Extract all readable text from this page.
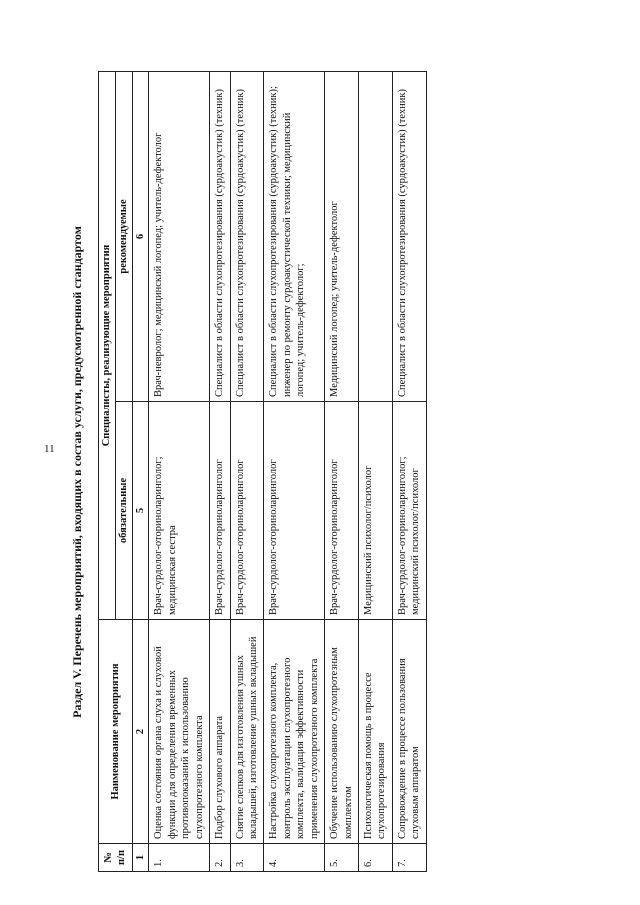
11 Раздел V. Перечень мероприятий, входящих в состав услуги, предусмотренной стандартом
№ п/п	Наименование мероприятия	Специалисты, реализующие мероприятия	
		обязательные	рекомендуемые
1	2	5	6
1.	Оценка состояния органа слуха и слуховой функции для определения временных противопоказаний к использованию слухопротезного комплекта	Врач-сурдолог-оториноларинголог; медицинская сестра	Врач-невролог; медицинский логопед; учитель-дефектолог
2.	Подбор слухового аппарата	Врач-сурдолог-оториноларинголог	Специалист в области слухопротезирования (сурдоакустик) (техник)
3.	Снятие слепков для изготовления ушных вкладышей, изготовление ушных вкладышей	Врач-сурдолог-оториноларинголог	Специалист в области слухопротезирования (сурдоакустик) (техник)
4.	Настройка слухопротезного комплекта, контроль эксплуатации слухопротезного комплекта, валидация эффективности применения слухопротезного комплекта	Врач-сурдолог-оториноларинголог	Специалист в области слухопротезирования (сурдоакустик) (техник); инженер по ремонту сурдоакустической техники; медицинский логопед; учитель-дефектолог;
5.	Обучение использованию слухопротезным комплектом	Врач-сурдолог-оториноларинголог	Медицинский логопед; учитель-дефектолог
6.	Психологическая помощь в процессе слухопротезирования	Медицинский психолог/психолог	
7.	Сопровождение в процессе пользования слуховым аппаратом	Врач-сурдолог-оториноларинголог; медицинский психолог/психолог	Специалист в области слухопротезирования (сурдоакустик) (техник)
